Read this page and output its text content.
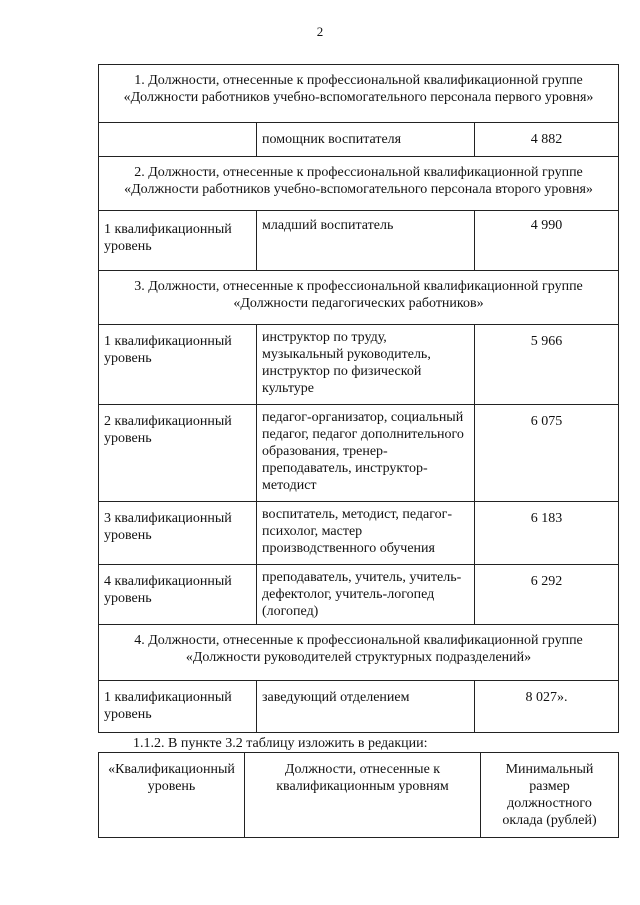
2
1. Должности, отнесенные к профессиональной квалификационной группе «Должности работников учебно-вспомогательного персонала первого уровня»		
	помощник воспитателя	4 882
2. Должности, отнесенные к профессиональной квалификационной группе «Должности работников учебно-вспомогательного персонала второго уровня»		
1 квалификационный уровень	младший воспитатель	4 990
3. Должности, отнесенные к профессиональной квалификационной группе «Должности педагогических работников»		
1 квалификационный уровень	инструктор по труду, музыкальный руководитель, инструктор по физической культуре	5 966
2 квалификационный уровень	педагог-организатор, социальный педагог, педагог дополнительного образования, тренер-преподаватель, инструктор-методист	6 075
3 квалификационный уровень	воспитатель, методист, педагог-психолог, мастер производственного обучения	6 183
4 квалификационный уровень	преподаватель, учитель, учитель-дефектолог, учитель-логопед (логопед)	6 292
4. Должности, отнесенные к профессиональной квалификационной группе «Должности руководителей структурных подразделений»		
1 квалификационный уровень	заведующий отделением	8 027».
1.1.2. В пункте 3.2 таблицу изложить в редакции:
«Квалификационный уровень	Должности, отнесенные к квалификационным уровням	Минимальный размер должностного оклада (рублей)
